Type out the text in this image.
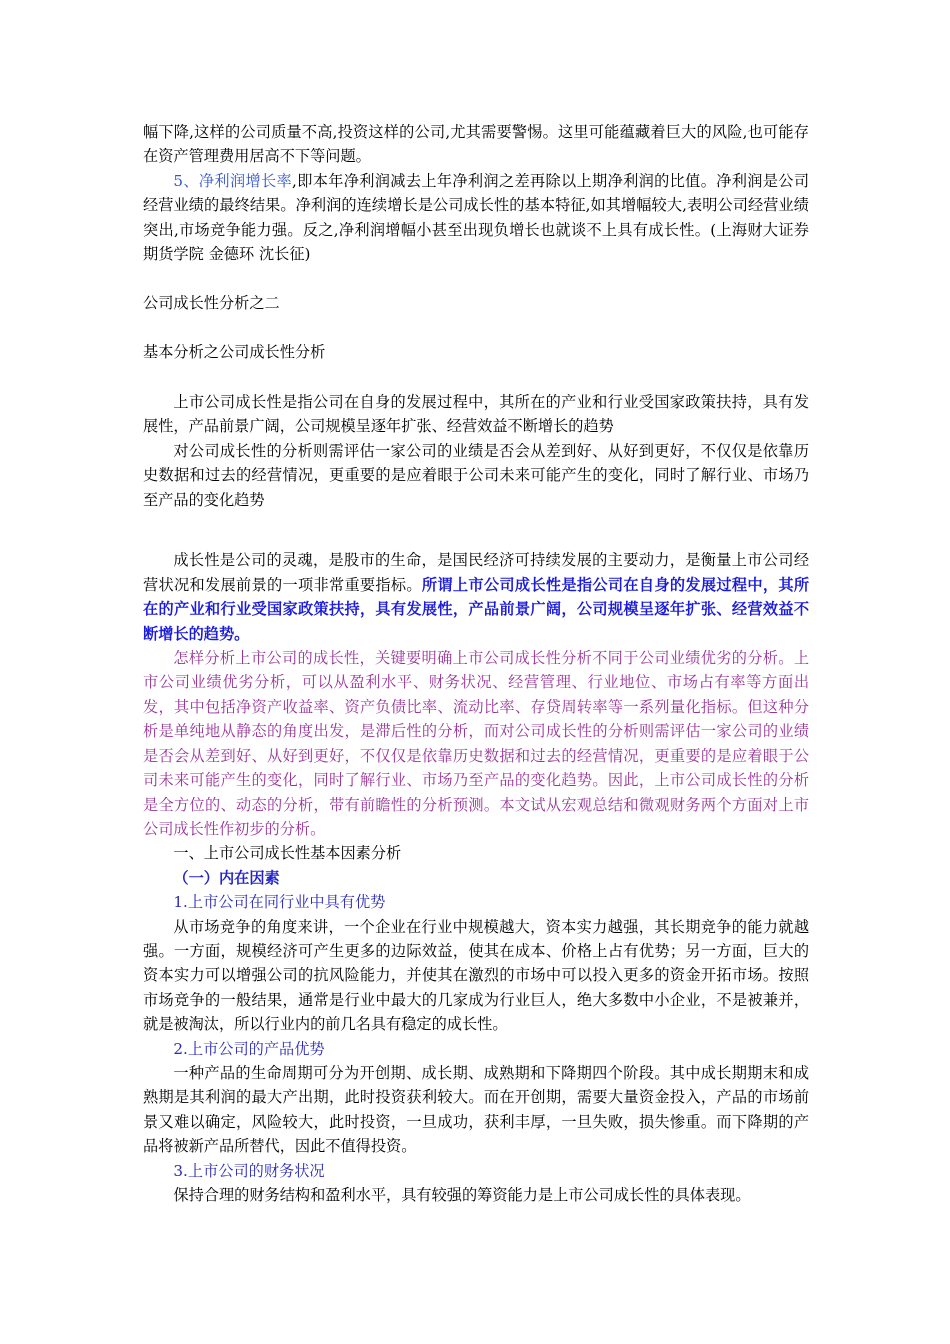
幅下降,这样的公司质量不高,投资这样的公司,尤其需要警惕。这里可能蕴藏着巨大的风险,也可能存在资产管理费用居高不下等问题。

5、净利润增长率,即本年净利润减去上年净利润之差再除以上期净利润的比值。净利润是公司经营业绩的最终结果。净利润的连续增长是公司成长性的基本特征,如其增幅较大,表明公司经营业绩突出,市场竞争能力强。反之,净利润增幅小甚至出现负增长也就谈不上具有成长性。(上海财大证券期货学院 金德环 沈长征)

公司成长性分析之二

基本分析之公司成长性分析

上市公司成长性是指公司在自身的发展过程中，其所在的产业和行业受国家政策扶持，具有发展性，产品前景广阔，公司规模呈逐年扩张、经营效益不断增长的趋势

对公司成长性的分析则需评估一家公司的业绩是否会从差到好、从好到更好，不仅仅是依靠历史数据和过去的经营情况，更重要的是应着眼于公司未来可能产生的变化，同时了解行业、市场乃至产品的变化趋势

成长性是公司的灵魂，是股市的生命，是国民经济可持续发展的主要动力，是衡量上市公司经营状况和发展前景的一项非常重要指标。所谓上市公司成长性是指公司在自身的发展过程中，其所在的产业和行业受国家政策扶持，具有发展性，产品前景广阔，公司规模呈逐年扩张、经营效益不断增长的趋势。

怎样分析上市公司的成长性，关键要明确上市公司成长性分析不同于公司业绩优劣的分析。上市公司业绩优劣分析，可以从盈利水平、财务状况、经营管理、行业地位、市场占有率等方面出发，其中包括净资产收益率、资产负债比率、流动比率、存贷周转率等一系列量化指标。但这种分析是单纯地从静态的角度出发，是滞后性的分析，而对公司成长性的分析则需评估一家公司的业绩是否会从差到好、从好到更好，不仅仅是依靠历史数据和过去的经营情况，更重要的是应着眼于公司未来可能产生的变化，同时了解行业、市场乃至产品的变化趋势。因此，上市公司成长性的分析是全方位的、动态的分析，带有前瞻性的分析预测。本文试从宏观总结和微观财务两个方面对上市公司成长性作初步的分析。

一、上市公司成长性基本因素分析

（一）内在因素

1.上市公司在同行业中具有优势

从市场竞争的角度来讲，一个企业在行业中规模越大，资本实力越强，其长期竞争的能力就越强。一方面，规模经济可产生更多的边际效益，使其在成本、价格上占有优势；另一方面，巨大的资本实力可以增强公司的抗风险能力，并使其在激烈的市场中可以投入更多的资金开拓市场。按照市场竞争的一般结果，通常是行业中最大的几家成为行业巨人，绝大多数中小企业，不是被兼并，就是被淘汰，所以行业内的前几名具有稳定的成长性。

2.上市公司的产品优势

一种产品的生命周期可分为开创期、成长期、成熟期和下降期四个阶段。其中成长期期末和成熟期是其利润的最大产出期，此时投资获利较大。而在开创期，需要大量资金投入，产品的市场前景又难以确定，风险较大，此时投资，一旦成功，获利丰厚，一旦失败，损失惨重。而下降期的产品将被新产品所替代，因此不值得投资。

3.上市公司的财务状况

保持合理的财务结构和盈利水平，具有较强的筹资能力是上市公司成长性的具体表现。
